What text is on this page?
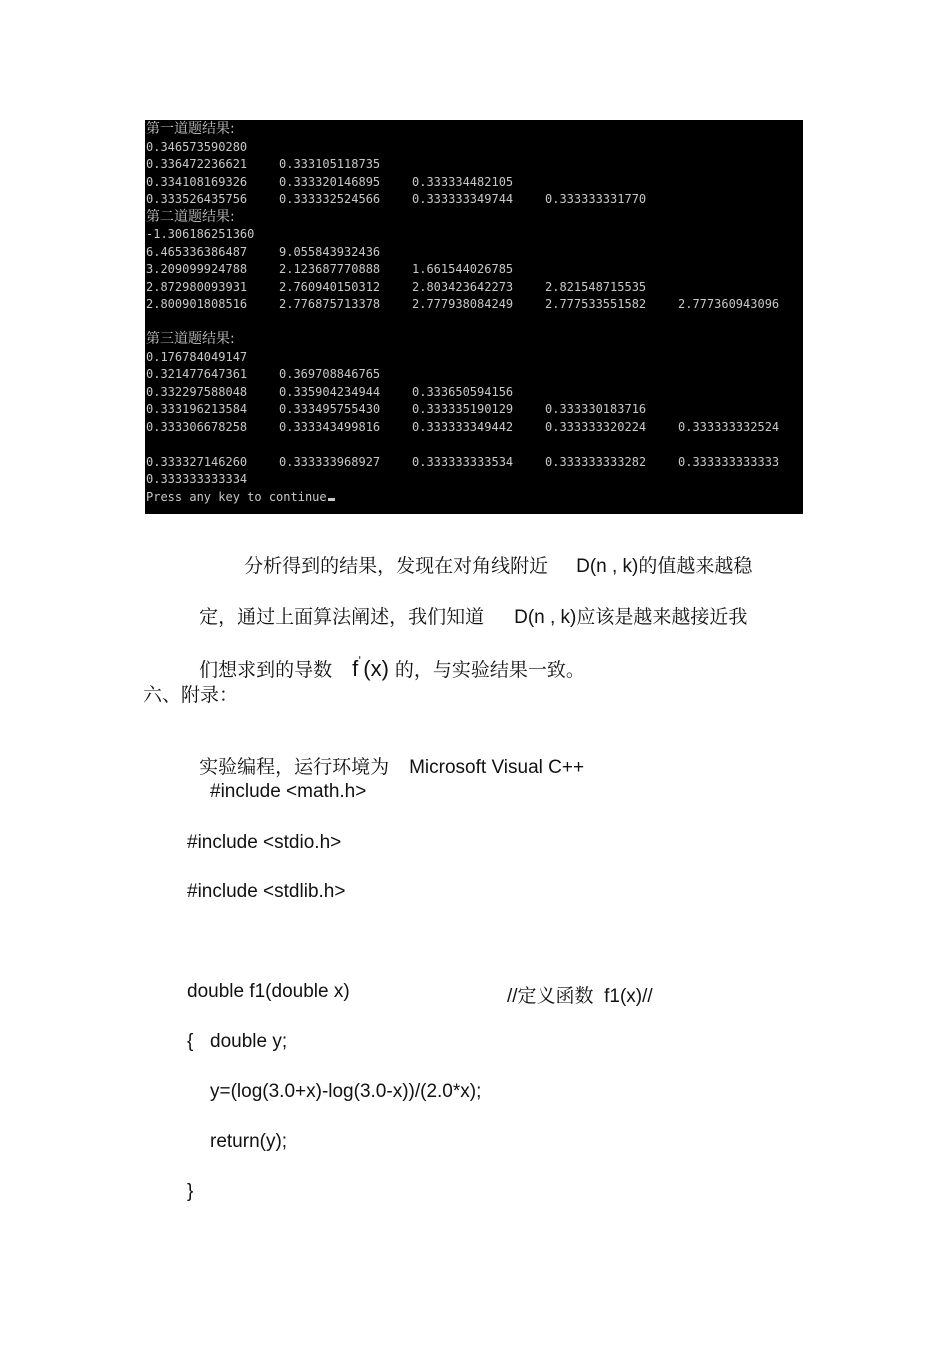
第一道题结果:
0.346573590280
0.336472236621	0.333105118735
0.334108169326	0.333320146895	0.333334482105
0.333526435756	0.333332524566	0.333333349744	0.333333331770
第二道题结果:
-1.306186251360
6.465336386487	9.055843932436
3.209099924788	2.123687770888	1.661544026785
2.872980093931	2.760940150312	2.803423642273	2.821548715535
2.800901808516	2.776875713378	2.777938084249	2.777533551582	2.777360943096
第三道题结果:
0.176784049147
0.321477647361	0.369708846765
0.332297588048	0.335904234944	0.333650594156
0.333196213584	0.333495755430	0.333335190129	0.333330183716
0.333306678258	0.333343499816	0.333333349442	0.333333320224	0.333333332524
0.333327146260	0.333333968927	0.333333333534	0.333333333282	0.333333333333
0.333333333334
Press any key to continue

分析得到的结果，发现在对角线附近 D(n , k)的值越来越稳

定，通过上面算法阐述，我们知道 D(n , k)应该是越来越接近我

们想求到的导数 f'(x) 的，与实验结果一致。

六、附录：

实验编程，运行环境为 Microsoft Visual C++

#include <math.h>
#include <stdio.h>
#include <stdlib.h>
double f1(double x)	//定义函数  f1(x)//
{ double y;
y=(log(3.0+x)-log(3.0-x))/(2.0*x);
return(y);
}
